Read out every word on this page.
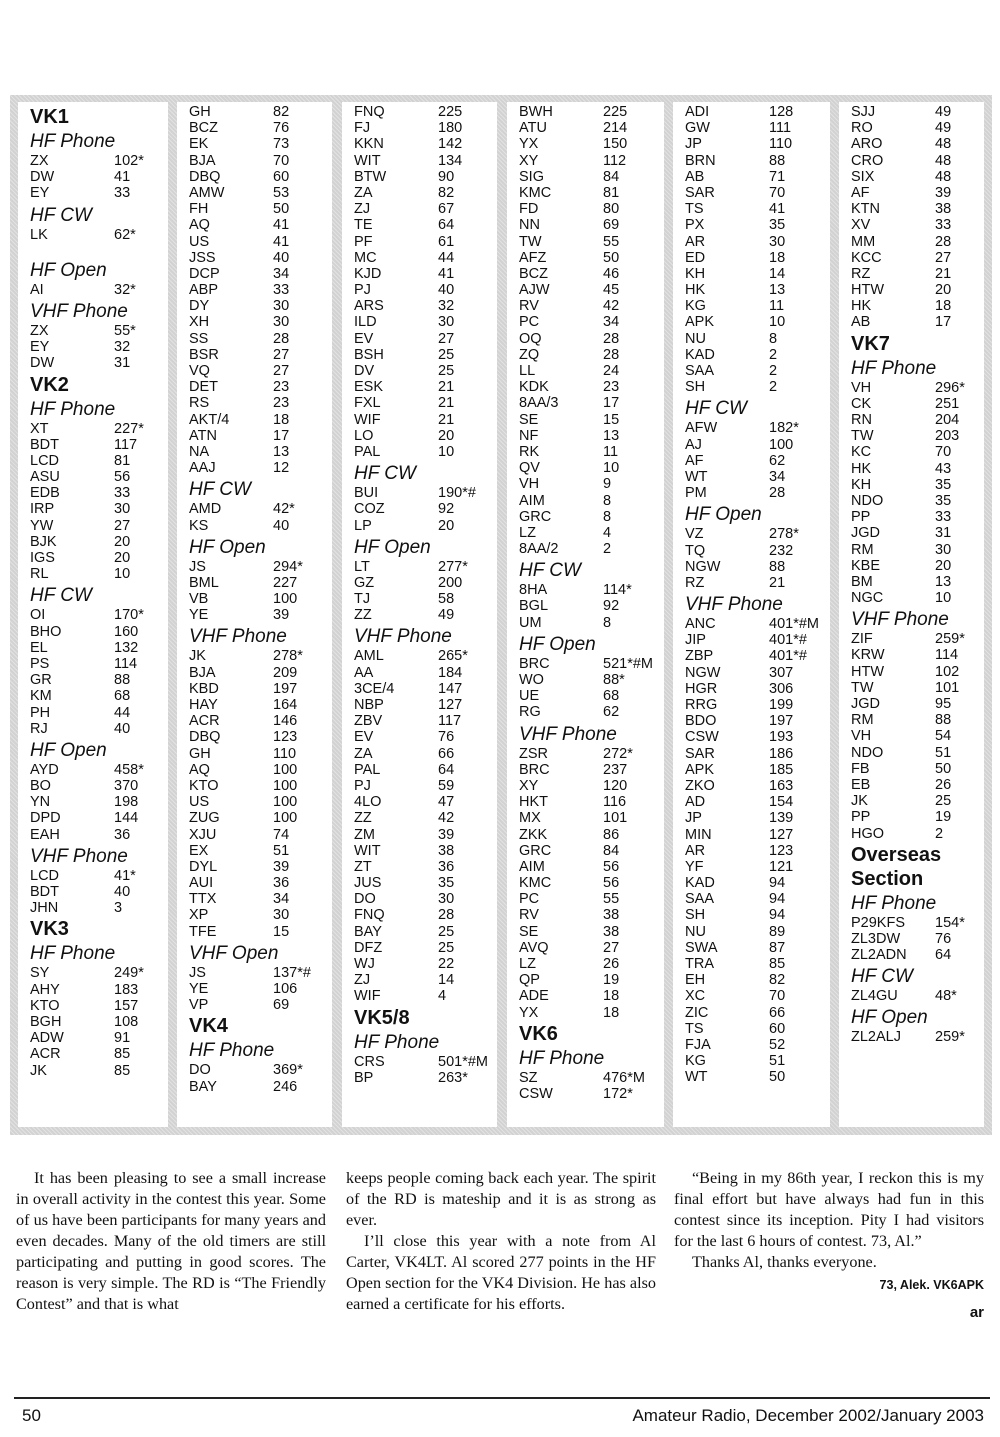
VK1
HF Phone
ZX	102*
DW	41
EY	33
HF CW
LK	62*
HF Open
AI	32*
VHF Phone
ZX	55*
EY	32
DW	31
VK2
HF Phone
XT	227*
BDT	117
LCD	81
ASU	56
EDB	33
IRP	30
YW	27
BJK	20
IGS	20
RL	10
HF CW
OI	170*
BHO	160
EL	132
PS	114
GR	88
KM	68
PH	44
RJ	40
HF Open
AYD	458*
BO	370
YN	198
DPD	144
EAH	36
VHF Phone
LCD	41*
BDT	40
JHN	3
VK3
HF Phone
SY	249*
AHY	183
KTO	157
BGH	108
ADW	91
ACR	85
JK	85
GH	82
BCZ	76
EK	73
BJA	70
DBQ	60
AMW	53
FH	50
AQ	41
US	41
JSS	40
DCP	34
ABP	33
DY	30
XH	30
SS	28
BSR	27
VQ	27
DET	23
RS	23
AKT/4	18
ATN	17
NA	13
AAJ	12
HF CW
AMD	42*
KS	40
HF Open
JS	294*
BML	227
VB	100
YE	39
VHF Phone
JK	278*
BJA	209
KBD	197
HAY	164
ACR	146
DBQ	123
GH	110
AQ	100
KTO	100
US	100
ZUG	100
XJU	74
EX	51
DYL	39
AUI	36
TTX	34
XP	30
TFE	15
VHF Open
JS	137*#
YE	106
VP	69
VK4
HF Phone
DO	369*
BAY	246
FNQ	225
FJ	180
KKN	142
WIT	134
BTW	90
ZA	82
ZJ	67
TE	64
PF	61
MC	44
KJD	41
PJ	40
ARS	32
ILD	30
EV	27
BSH	25
DV	25
ESK	21
FXL	21
WIF	21
LO	20
PAL	10
HF CW
BUI	190*#
COZ	92
LP	20
HF Open
LT	277*
GZ	200
TJ	58
ZZ	49
VHF Phone
AML	265*
AA	184
3CE/4	147
NBP	127
ZBV	117
EV	76
ZA	66
PAL	64
PJ	59
4LO	47
ZZ	42
ZM	39
WIT	38
ZT	36
JUS	35
DO	30
FNQ	28
BAY	25
DFZ	25
WJ	22
ZJ	14
WIF	4
VK5/8
HF Phone
CRS	501*#M
BP	263*
BWH	225
ATU	214
YX	150
XY	112
SIG	84
KMC	81
FD	80
NN	69
TW	55
AFZ	50
BCZ	46
AJW	45
RV	42
PC	34
OQ	28
ZQ	28
LL	24
KDK	23
8AA/3	17
SE	15
NF	13
RK	11
QV	10
VH	9
AIM	8
GRC	8
LZ	4
8AA/2	2
HF CW
8HA	114*
BGL	92
UM	8
HF Open
BRC	521*#M
WO	88*
UE	68
RG	62
VHF Phone
ZSR	272*
BRC	237
XY	120
HKT	116
MX	101
ZKK	86
GRC	84
AIM	56
KMC	56
PC	55
RV	38
SE	38
AVQ	27
LZ	26
QP	19
ADE	18
YX	18
VK6
HF Phone
SZ	476*M
CSW	172*
ADI	128
GW	111
JP	110
BRN	88
AB	71
SAR	70
TS	41
PX	35
AR	30
ED	18
KH	14
HK	13
KG	11
APK	10
NU	8
KAD	2
SAA	2
SH	2
HF CW
AFW	182*
AJ	100
AF	62
WT	34
PM	28
HF Open
VZ	278*
TQ	232
NGW	88
RZ	21
VHF Phone
ANC	401*#M
JIP	401*#
ZBP	401*#
NGW	307
HGR	306
RRG	199
BDO	197
CSW	193
SAR	186
APK	185
ZKO	163
AD	154
JP	139
MIN	127
AR	123
YF	121
KAD	94
SAA	94
SH	94
NU	89
SWA	87
TRA	85
EH	82
XC	70
ZIC	66
TS	60
FJA	52
KG	51
WT	50
SJJ	49
RO	49
ARO	48
CRO	48
SIX	48
AF	39
KTN	38
XV	33
MM	28
KCC	27
RZ	21
HTW	20
HK	18
AB	17
VK7
HF Phone
VH	296*
CK	251
RN	204
TW	203
KC	70
HK	43
KH	35
NDO	35
PP	33
JGD	31
RM	30
KBE	20
BM	13
NGC	10
VHF Phone
ZIF	259*
KRW	114
HTW	102
TW	101
JGD	95
RM	88
VH	54
NDO	51
FB	50
EB	26
JK	25
PP	19
HGO	2
Overseas
Section
HF Phone
P29KFS	154*
ZL3DW	76
ZL2ADN	64
HF CW
ZL4GU	48*
HF Open
ZL2ALJ	259*

It has been pleasing to see a small increase in overall activity in the contest this year. Some of us have been participants for many years and even decades. Many of the old timers are still participating and putting in good scores. The reason is very simple. The RD is “The Friendly Contest” and that is what

keeps people coming back each year. The spirit of the RD is mateship and it is as strong as ever.

I’ll close this year with a note from Al Carter, VK4LT. Al scored 277 points in the HF Open section for the VK4 Division. He has also earned a certificate for his efforts.

“Being in my 86th year, I reckon this is my final effort but have always had fun in this contest since its inception. Pity I had visitors for the last 6 hours of contest. 73, Al.”

Thanks Al, thanks everyone.

73, Alek. VK6APK
ar
50	Amateur Radio, December 2002/January 2003
